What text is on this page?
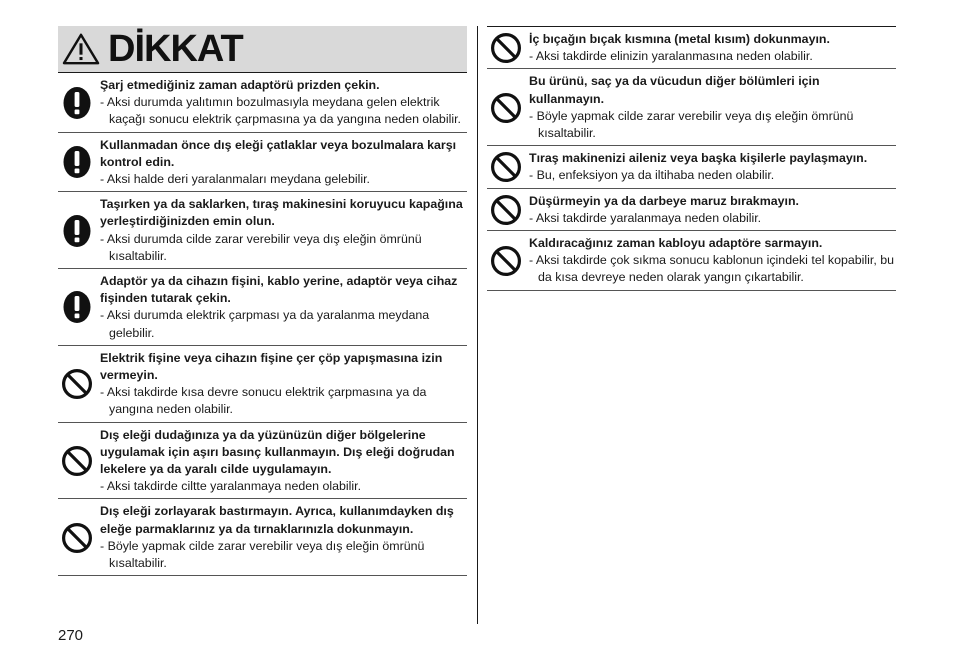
DİKKAT
Şarj etmediğiniz zaman adaptörü prizden çekin.
- Aksi durumda yalıtımın bozulmasıyla meydana gelen elektrik kaçağı sonucu elektrik çarpmasına ya da yangına neden olabilir.
Kullanmadan önce dış eleği çatlaklar veya bozulmalara karşı kontrol edin.
- Aksi halde deri yaralanmaları meydana gelebilir.
Taşırken ya da saklarken, tıraş makinesini koruyucu kapağına yerleştirdiğinizden emin olun.
- Aksi durumda cilde zarar verebilir veya dış eleğin ömrünü kısaltabilir.
Adaptör ya da cihazın fişini, kablo yerine, adaptör veya cihaz fişinden tutarak çekin.
- Aksi durumda elektrik çarpması ya da yaralanma meydana gelebilir.
Elektrik fişine veya cihazın fişine çer çöp yapışmasına izin vermeyin.
- Aksi takdirde kısa devre sonucu elektrik çarpmasına ya da yangına neden olabilir.
Dış eleği dudağınıza ya da yüzünüzün diğer bölgelerine uygulamak için aşırı basınç kullanmayın. Dış eleği doğrudan lekelere ya da yaralı cilde uygulamayın.
- Aksi takdirde ciltte yaralanmaya neden olabilir.
Dış eleği zorlayarak bastırmayın. Ayrıca, kullanımdayken dış eleğe parmaklarınız ya da tırnaklarınızla dokunmayın.
- Böyle yapmak cilde zarar verebilir veya dış eleğin ömrünü kısaltabilir.
İç bıçağın bıçak kısmına (metal kısım) dokunmayın.
- Aksi takdirde elinizin yaralanmasına neden olabilir.
Bu ürünü, saç ya da vücudun diğer bölümleri için kullanmayın.
- Böyle yapmak cilde zarar verebilir veya dış eleğin ömrünü kısaltabilir.
Tıraş makinenizi aileniz veya başka kişilerle paylaşmayın.
- Bu, enfeksiyon ya da iltihaba neden olabilir.
Düşürmeyin ya da darbeye maruz bırakmayın.
- Aksi takdirde yaralanmaya neden olabilir.
Kaldıracağınız zaman kabloyu adaptöre sarmayın.
- Aksi takdirde çok sıkma sonucu kablonun içindeki tel kopabilir, bu da kısa devreye neden olarak yangın çıkartabilir.
270
